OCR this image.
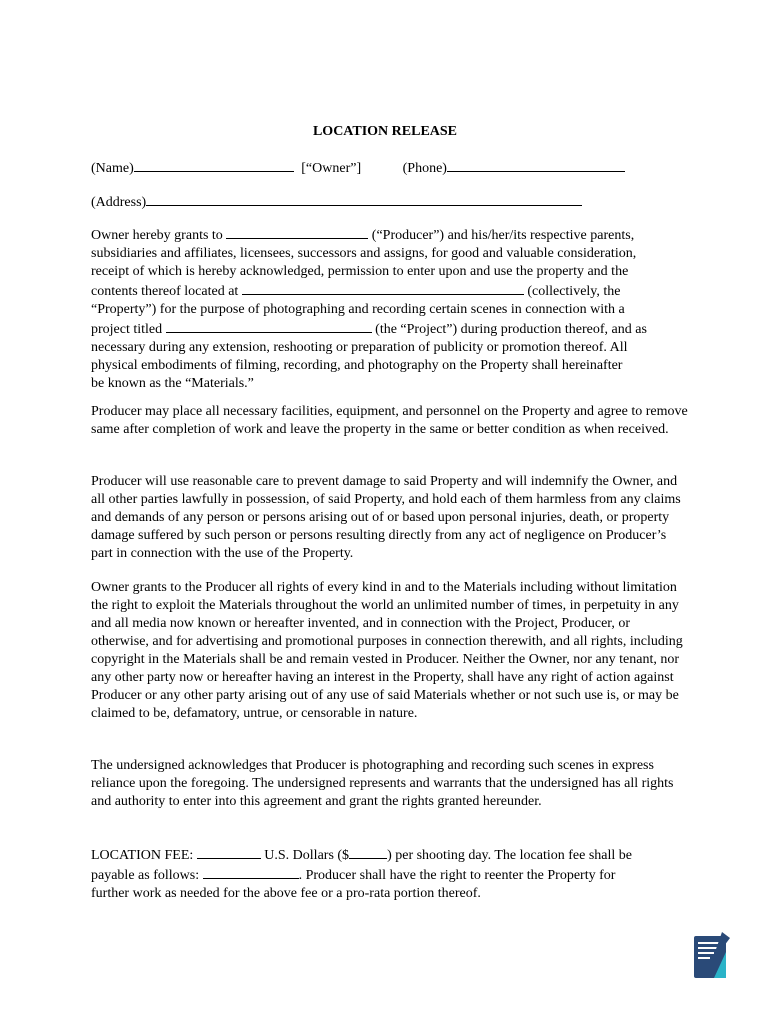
LOCATION RELEASE
(Name)	[“Owner”]	(Phone)
(Address)

Owner hereby grants to	(“Producer”) and his/her/its respective parents,

subsidiaries and affiliates, licensees, successors and assigns, for good and valuable consideration,

receipt of which is hereby acknowledged, permission to enter upon and use the property and the

contents thereof located at	(collectively, the

“Property”) for the purpose of photographing and recording certain scenes in connection with a

project titled	(the “Project”) during production thereof, and as

necessary during any extension, reshooting or preparation of publicity or promotion thereof. All

physical embodiments of filming, recording, and photography on the Property shall hereinafter

be known as the “Materials.”

Producer may place all necessary facilities, equipment, and personnel on the Property and agree to remove same after completion of work and leave the property in the same or better condition as when received.
Producer will use reasonable care to prevent damage to said Property and will indemnify the Owner, and all other parties lawfully in possession, of said Property, and hold each of them harmless from any claims and demands of any person or persons arising out of or based upon personal injuries, death, or property damage suffered by such person or persons resulting directly from any act of negligence on Producer’s part in connection with the use of the Property.
Owner grants to the Producer all rights of every kind in and to the Materials including without limitation the right to exploit the Materials throughout the world an unlimited number of times, in perpetuity in any and all media now known or hereafter invented, and in connection with the Project, Producer, or otherwise, and for advertising and promotional purposes in connection therewith, and all rights, including copyright in the Materials shall be and remain vested in Producer. Neither the Owner, nor any tenant, nor any other party now or hereafter having an interest in the Property, shall have any right of action against Producer or any other party arising out of any use of said Materials whether or not such use is, or may be claimed to be, defamatory, untrue, or censorable in nature.
The undersigned acknowledges that Producer is photographing and recording such scenes in express reliance upon the foregoing. The undersigned represents and warrants that the undersigned has all rights and authority to enter into this agreement and grant the rights granted hereunder.

LOCATION FEE:	U.S. Dollars ($	) per shooting day. The location fee shall be

payable as follows:	. Producer shall have the right to reenter the Property for

further work as needed for the above fee or a pro-rata portion thereof.
